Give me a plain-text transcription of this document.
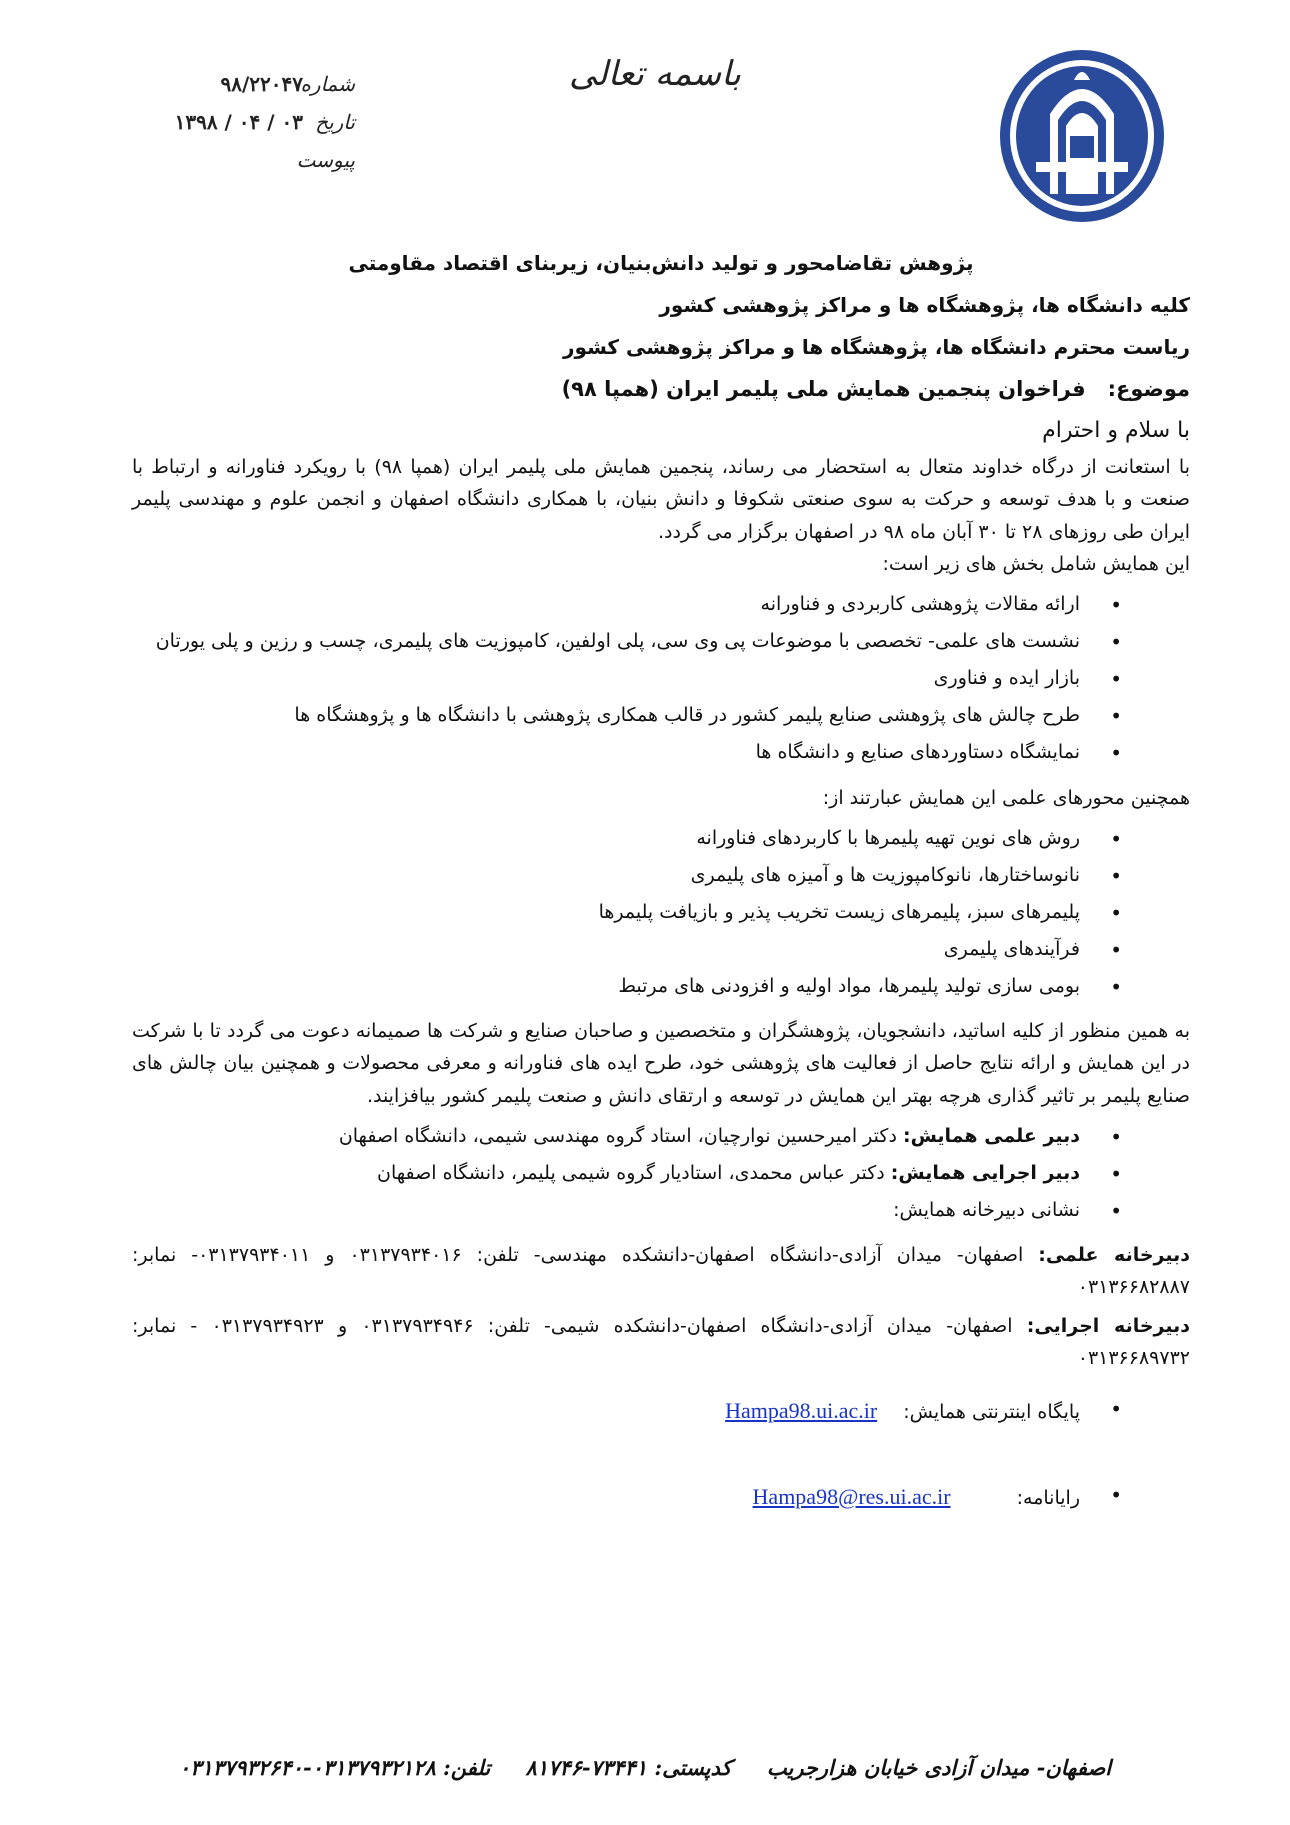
باسمه تعالی
شماره
۹۸/۲۲۰۴۷
تاریخ
۱۳۹۸ / ۰۴ / ۰۳
پیوست
پژوهش تقاضامحور و تولید دانش‌بنیان، زیربنای اقتصاد مقاومتی
کلیه دانشگاه ها، پژوهشگاه ها و مراکز پژوهشی کشور
ریاست محترم دانشگاه ها، پژوهشگاه ها و مراکز پژوهشی کشور
موضوع:فراخوان پنجمین همایش ملی پلیمر ایران (همپا ۹۸)
با سلام و احترام

با استعانت از درگاه خداوند متعال به استحضار می رساند، پنجمین همایش ملی پلیمر ایران (همپا ۹۸) با رویکرد فناورانه و ارتباط با صنعت و با هدف توسعه و حرکت به سوی صنعتی شکوفا و دانش بنیان، با همکاری دانشگاه اصفهان و انجمن علوم و مهندسی پلیمر ایران طی روزهای ۲۸ تا ۳۰ آبان ماه ۹۸ در اصفهان برگزار می گردد.

این همایش شامل بخش های زیر است:

• ارائه مقالات پژوهشی کاربردی و فناورانه
• نشست های علمی- تخصصی با موضوعات پی وی سی، پلی اولفین، کامپوزیت های پلیمری، چسب و رزین و پلی یورتان
• بازار ایده و فناوری
• طرح چالش های پژوهشی صنایع پلیمر کشور در قالب همکاری پژوهشی با دانشگاه ها و پژوهشگاه ها
• نمایشگاه دستاوردهای صنایع و دانشگاه ها

همچنین محورهای علمی این همایش عبارتند از:

• روش های نوین تهیه پلیمرها با کاربردهای فناورانه
• نانوساختارها، نانوکامپوزیت ها و آمیزه های پلیمری
• پلیمرهای سبز، پلیمرهای زیست تخریب پذیر و بازیافت پلیمرها
• فرآیندهای پلیمری
• بومی سازی تولید پلیمرها، مواد اولیه و افزودنی های مرتبط

به همین منظور از کلیه اساتید، دانشجویان، پژوهشگران و متخصصین و صاحبان صنایع و شرکت ها صمیمانه دعوت می گردد تا با شرکت در این همایش و ارائه نتایج حاصل از فعالیت های پژوهشی خود، طرح ایده های فناورانه و معرفی محصولات و همچنین بیان چالش های صنایع پلیمر بر تاثیر گذاری هرچه بهتر این همایش در توسعه و ارتقای دانش و صنعت پلیمر کشور بیافزایند.

• دبیر علمی همایش: دکتر امیرحسین نوارچیان، استاد گروه مهندسی شیمی، دانشگاه اصفهان
• دبیر اجرایی همایش: دکتر عباس محمدی، استادیار گروه شیمی پلیمر، دانشگاه اصفهان
• نشانی دبیرخانه همایش:

دبیرخانه علمی: اصفهان- میدان آزادی-دانشگاه اصفهان-دانشکده مهندسی- تلفن: ۰۳۱۳۷۹۳۴۰۱۶ و ۰۳۱۳۷۹۳۴۰۱۱- نمابر: ۰۳۱۳۶۶۸۲۸۸۷

دبیرخانه اجرایی: اصفهان- میدان آزادی-دانشگاه اصفهان-دانشکده شیمی- تلفن: ۰۳۱۳۷۹۳۴۹۴۶ و ۰۳۱۳۷۹۳۴۹۲۳ - نمابر: ۰۳۱۳۶۶۸۹۷۳۲

• پایگاه اینترنتی همایش: Hampa98.ui.ac.ir
• رایانامه: Hampa98@res.ui.ac.ir
اصفهان- میدان آزادی خیابان هزارجریب کدپستی: ۷۳۴۴۱-۸۱۷۴۶ تلفن: ۰۳۱۳۷۹۳۲۱۲۸-۰۳۱۳۷۹۳۲۶۴۰
